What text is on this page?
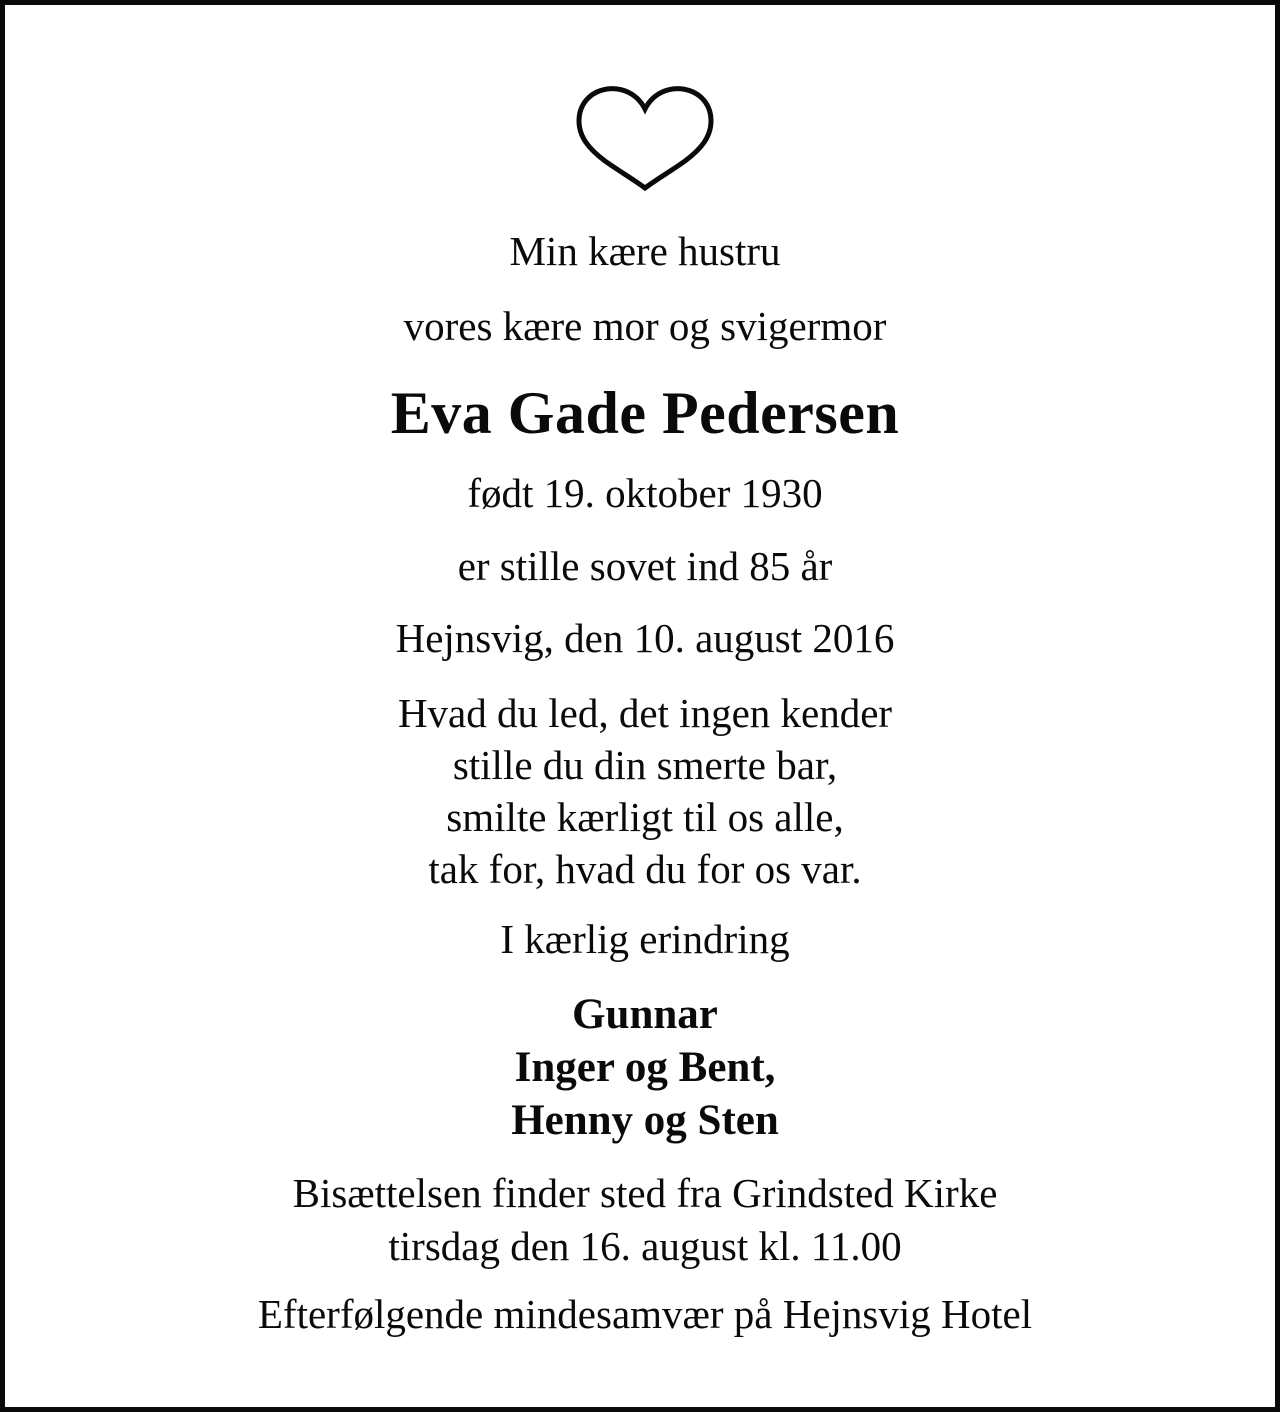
Min kære hustru
vores kære mor og svigermor
Eva Gade Pedersen
født 19. oktober 1930
er stille sovet ind 85 år
Hejnsvig, den 10. august 2016
Hvad du led, det ingen kender
stille du din smerte bar,
smilte kærligt til os alle,
tak for, hvad du for os var.
I kærlig erindring
Gunnar
Inger og Bent,
Henny og Sten
Bisættelsen finder sted fra Grindsted Kirke
tirsdag den 16. august kl. 11.00
Efterfølgende mindesamvær på Hejnsvig Hotel
